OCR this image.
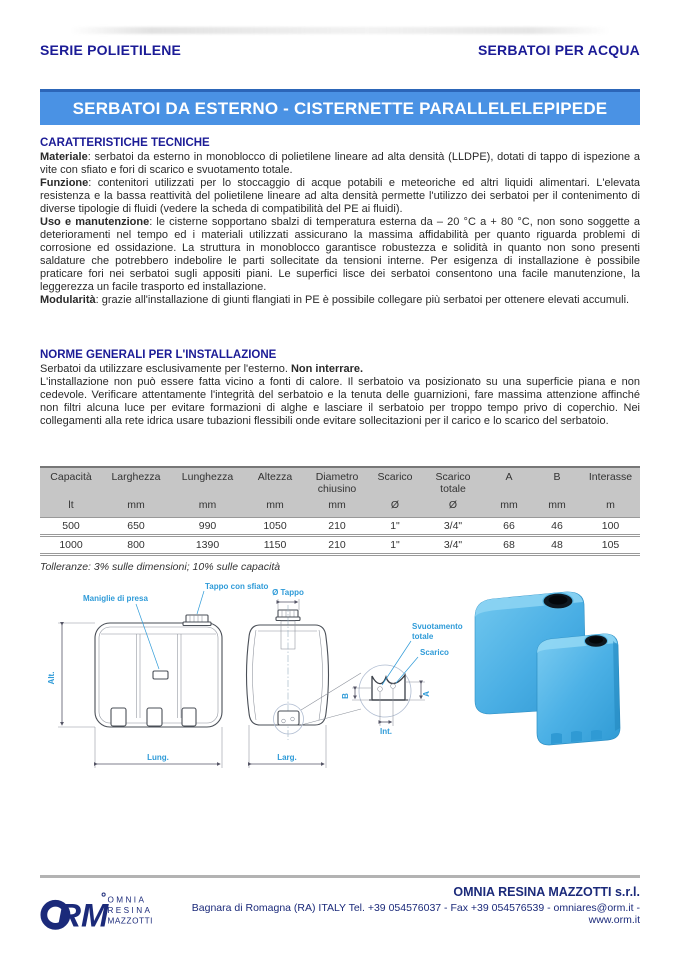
SERIE POLIETILENE	SERBATOI PER ACQUA
SERBATOI DA ESTERNO - CISTERNETTE PARALLELELEPIPEDE
CARATTERISTICHE TECNICHE

Materiale: serbatoi da esterno in monoblocco di polietilene lineare ad alta densità (LLDPE), dotati di tappo di ispezione a vite con sfiato e fori di scarico e svuotamento totale.

Funzione: contenitori utilizzati per lo stoccaggio di acque potabili e meteoriche ed altri liquidi alimentari. L'elevata resistenza e la bassa reattività del polietilene lineare ad alta densità permette l'utilizzo dei serbatoi per il contenimento di diverse tipologie di fluidi (vedere la scheda di compatibilità del PE ai fluidi).

Uso e manutenzione: le cisterne sopportano sbalzi di temperatura esterna da – 20 °C a + 80 °C, non sono soggette a deterioramenti nel tempo ed i materiali utilizzati assicurano la massima affidabilità per quanto riguarda problemi di corrosione ed ossidazione. La struttura in monoblocco garantisce robustezza e solidità in quanto non sono presenti saldature che potrebbero indebolire le parti sollecitate da tensioni interne. Per esigenza di installazione è possibile praticare fori nei serbatoi sugli appositi piani. Le superfici lisce dei serbatoi consentono una facile manutenzione, la leggerezza un facile trasporto ed installazione.

Modularità: grazie all'installazione di giunti flangiati in PE è possibile collegare più serbatoi per ottenere elevati accumuli.

NORME GENERALI PER L'INSTALLAZIONE

Serbatoi da utilizzare esclusivamente per l'esterno. Non interrare.

L'installazione non può essere fatta vicino a fonti di calore. Il serbatoio va posizionato su una superficie piana e non cedevole. Verificare attentamente l'integrità del serbatoio e la tenuta delle guarnizioni, fare massima attenzione affinché non filtri alcuna luce per evitare formazioni di alghe e lasciare il serbatoio per troppo tempo privo di coperchio. Nei collegamenti alla rete idrica usare tubazioni flessibili onde evitare sollecitazioni per il carico e lo scarico del serbatoio.

Capacità	Larghezza	Lunghezza	Altezza	Diametro chiusino	Scarico	Scarico totale	A	B	Interasse
lt	mm	mm	mm	mm	Ø	Ø	mm	mm	m
500	650	990	1050	210	1"	3/4"	66	46	100
1000	800	1390	1150	210	1"	3/4"	68	48	105
Tolleranze: 3% sulle dimensioni; 10% sulle capacità
Alt.
Lung.
Maniglie di presa
Tappo con sfiato
Ø Tappo
Larg.
B	A
Int.
Svuotamento
totale
Scarico
RM OMNIA
RESINA
MAZZOTTI
OMNIA RESINA MAZZOTTI s.r.l.
Bagnara di Romagna (RA) ITALY Tel. +39 054576037 - Fax +39 054576539 - omniares@orm.it - www.orm.it
